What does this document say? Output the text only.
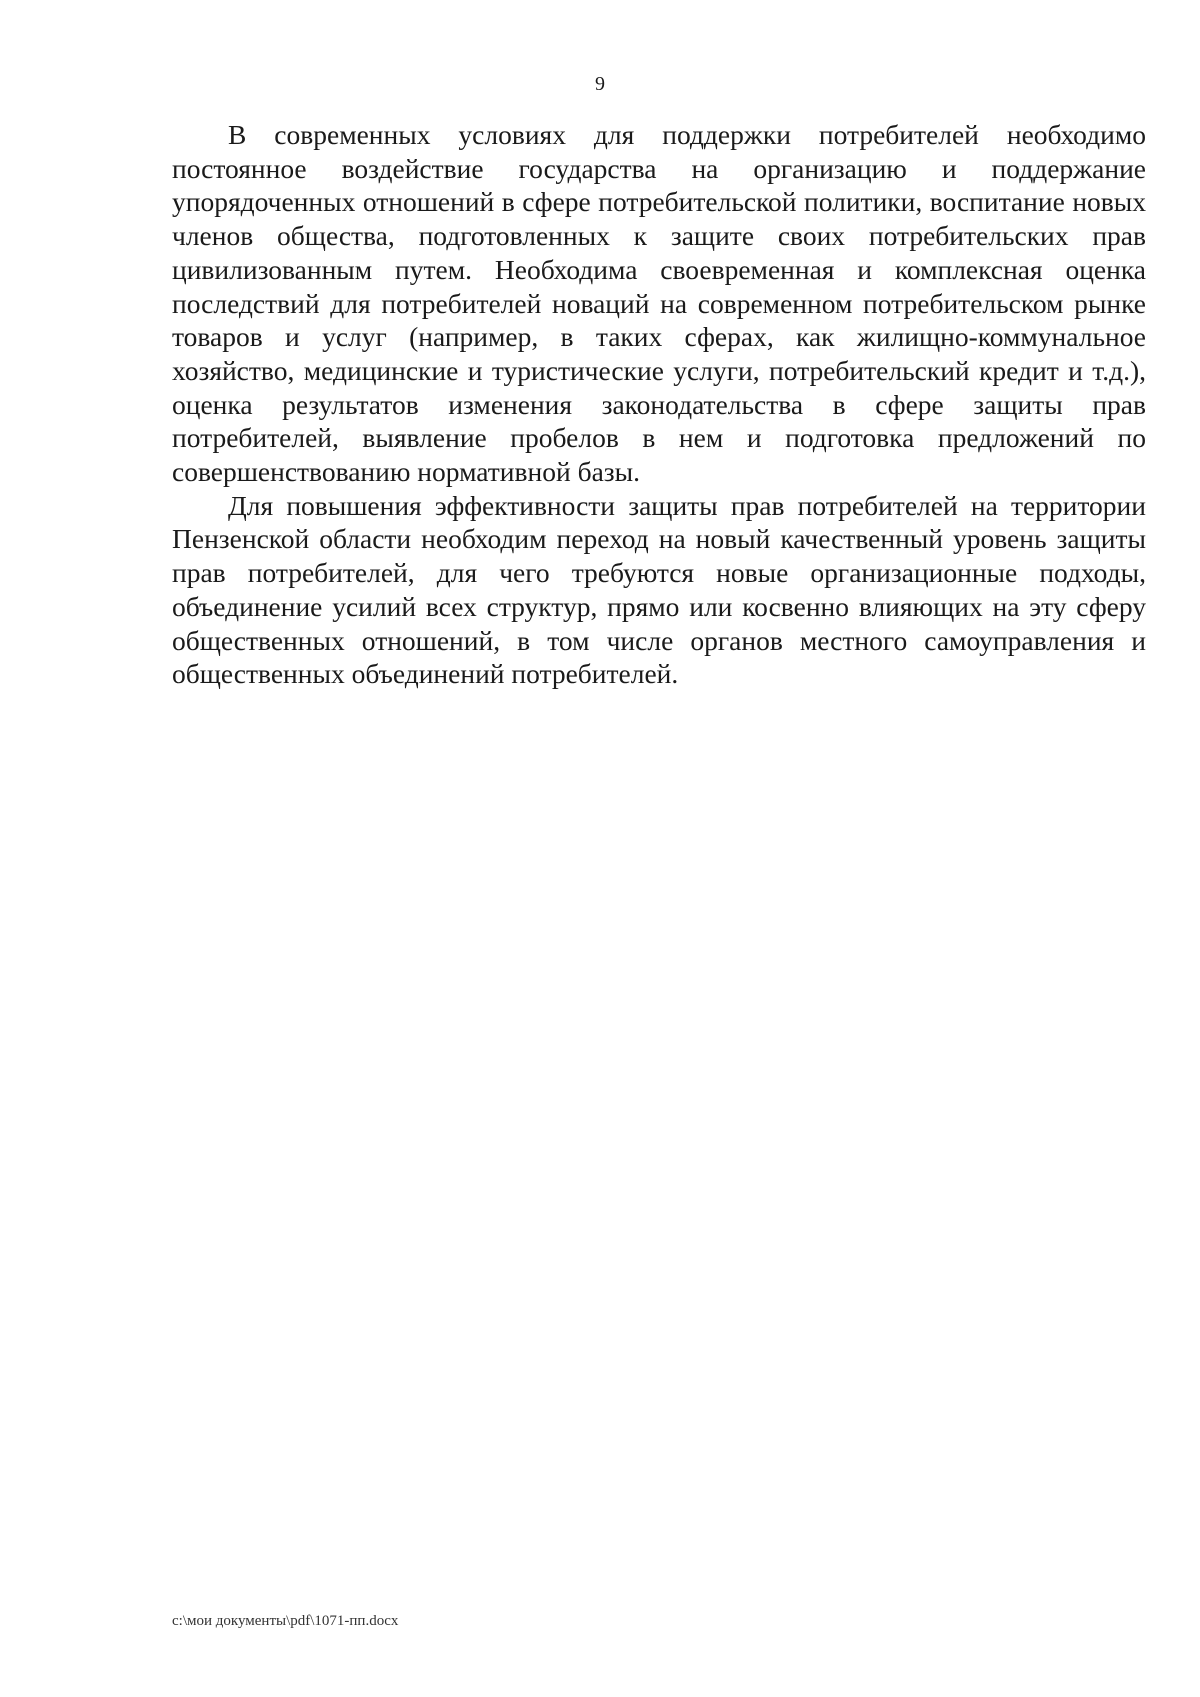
9

В современных условиях для поддержки потребителей необходимо постоянное воздействие государства на организацию и поддержание упорядоченных отношений в сфере потребительской политики, воспитание новых членов общества, подготовленных к защите своих потребительских прав цивилизованным путем. Необходима своевременная и комплексная оценка последствий для потребителей новаций на современном потребительском рынке товаров и услуг (например, в таких сферах, как жилищно-коммунальное хозяйство, медицинские и туристические услуги, потребительский кредит и т.д.), оценка результатов изменения законодательства в сфере защиты прав потребителей, выявление пробелов в нем и подготовка предложений по совершенствованию нормативной базы.

Для повышения эффективности защиты прав потребителей на территории Пензенской области необходим переход на новый качественный уровень защиты прав потребителей, для чего требуются новые организационные подходы, объединение усилий всех структур, прямо или косвенно влияющих на эту сферу общественных отношений, в том числе органов местного самоуправления и общественных объединений потребителей.

c:\мои документы\pdf\1071-пп.docx
